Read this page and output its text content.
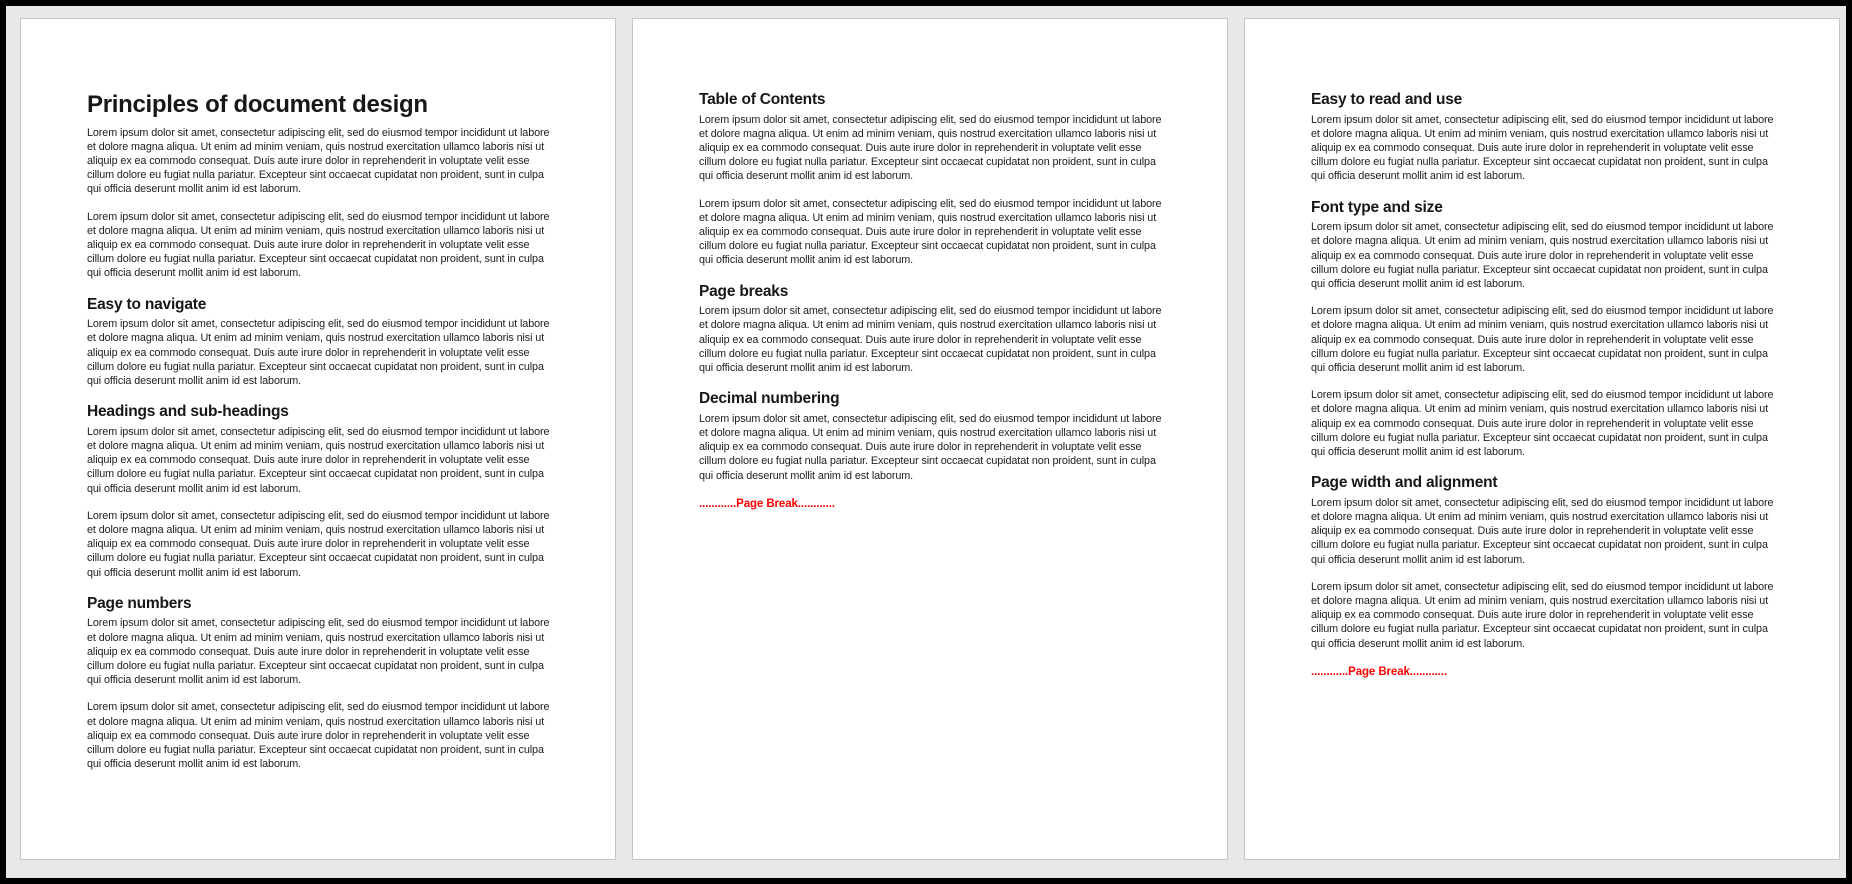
Principles of document design

Lorem ipsum dolor sit amet, consectetur adipiscing elit, sed do eiusmod tempor incididunt ut labore et dolore magna aliqua. Ut enim ad minim veniam, quis nostrud exercitation ullamco laboris nisi ut aliquip ex ea commodo consequat. Duis aute irure dolor in reprehenderit in voluptate velit esse cillum dolore eu fugiat nulla pariatur. Excepteur sint occaecat cupidatat non proident, sunt in culpa qui officia deserunt mollit anim id est laborum.

Lorem ipsum dolor sit amet, consectetur adipiscing elit, sed do eiusmod tempor incididunt ut labore et dolore magna aliqua. Ut enim ad minim veniam, quis nostrud exercitation ullamco laboris nisi ut aliquip ex ea commodo consequat. Duis aute irure dolor in reprehenderit in voluptate velit esse cillum dolore eu fugiat nulla pariatur. Excepteur sint occaecat cupidatat non proident, sunt in culpa qui officia deserunt mollit anim id est laborum.

Easy to navigate

Lorem ipsum dolor sit amet, consectetur adipiscing elit, sed do eiusmod tempor incididunt ut labore et dolore magna aliqua. Ut enim ad minim veniam, quis nostrud exercitation ullamco laboris nisi ut aliquip ex ea commodo consequat. Duis aute irure dolor in reprehenderit in voluptate velit esse cillum dolore eu fugiat nulla pariatur. Excepteur sint occaecat cupidatat non proident, sunt in culpa qui officia deserunt mollit anim id est laborum.

Headings and sub-headings

Lorem ipsum dolor sit amet, consectetur adipiscing elit, sed do eiusmod tempor incididunt ut labore et dolore magna aliqua. Ut enim ad minim veniam, quis nostrud exercitation ullamco laboris nisi ut aliquip ex ea commodo consequat. Duis aute irure dolor in reprehenderit in voluptate velit esse cillum dolore eu fugiat nulla pariatur. Excepteur sint occaecat cupidatat non proident, sunt in culpa qui officia deserunt mollit anim id est laborum.

Lorem ipsum dolor sit amet, consectetur adipiscing elit, sed do eiusmod tempor incididunt ut labore et dolore magna aliqua. Ut enim ad minim veniam, quis nostrud exercitation ullamco laboris nisi ut aliquip ex ea commodo consequat. Duis aute irure dolor in reprehenderit in voluptate velit esse cillum dolore eu fugiat nulla pariatur. Excepteur sint occaecat cupidatat non proident, sunt in culpa qui officia deserunt mollit anim id est laborum.

Page numbers

Lorem ipsum dolor sit amet, consectetur adipiscing elit, sed do eiusmod tempor incididunt ut labore et dolore magna aliqua. Ut enim ad minim veniam, quis nostrud exercitation ullamco laboris nisi ut aliquip ex ea commodo consequat. Duis aute irure dolor in reprehenderit in voluptate velit esse cillum dolore eu fugiat nulla pariatur. Excepteur sint occaecat cupidatat non proident, sunt in culpa qui officia deserunt mollit anim id est laborum.

Lorem ipsum dolor sit amet, consectetur adipiscing elit, sed do eiusmod tempor incididunt ut labore et dolore magna aliqua. Ut enim ad minim veniam, quis nostrud exercitation ullamco laboris nisi ut aliquip ex ea commodo consequat. Duis aute irure dolor in reprehenderit in voluptate velit esse cillum dolore eu fugiat nulla pariatur. Excepteur sint occaecat cupidatat non proident, sunt in culpa qui officia deserunt mollit anim id est laborum.

Table of Contents

Lorem ipsum dolor sit amet, consectetur adipiscing elit, sed do eiusmod tempor incididunt ut labore et dolore magna aliqua. Ut enim ad minim veniam, quis nostrud exercitation ullamco laboris nisi ut aliquip ex ea commodo consequat. Duis aute irure dolor in reprehenderit in voluptate velit esse cillum dolore eu fugiat nulla pariatur. Excepteur sint occaecat cupidatat non proident, sunt in culpa qui officia deserunt mollit anim id est laborum.

Lorem ipsum dolor sit amet, consectetur adipiscing elit, sed do eiusmod tempor incididunt ut labore et dolore magna aliqua. Ut enim ad minim veniam, quis nostrud exercitation ullamco laboris nisi ut aliquip ex ea commodo consequat. Duis aute irure dolor in reprehenderit in voluptate velit esse cillum dolore eu fugiat nulla pariatur. Excepteur sint occaecat cupidatat non proident, sunt in culpa qui officia deserunt mollit anim id est laborum.

Page breaks

Lorem ipsum dolor sit amet, consectetur adipiscing elit, sed do eiusmod tempor incididunt ut labore et dolore magna aliqua. Ut enim ad minim veniam, quis nostrud exercitation ullamco laboris nisi ut aliquip ex ea commodo consequat. Duis aute irure dolor in reprehenderit in voluptate velit esse cillum dolore eu fugiat nulla pariatur. Excepteur sint occaecat cupidatat non proident, sunt in culpa qui officia deserunt mollit anim id est laborum.

Decimal numbering

Lorem ipsum dolor sit amet, consectetur adipiscing elit, sed do eiusmod tempor incididunt ut labore et dolore magna aliqua. Ut enim ad minim veniam, quis nostrud exercitation ullamco laboris nisi ut aliquip ex ea commodo consequat. Duis aute irure dolor in reprehenderit in voluptate velit esse cillum dolore eu fugiat nulla pariatur. Excepteur sint occaecat cupidatat non proident, sunt in culpa qui officia deserunt mollit anim id est laborum.

............Page Break............

Easy to read and use

Lorem ipsum dolor sit amet, consectetur adipiscing elit, sed do eiusmod tempor incididunt ut labore et dolore magna aliqua. Ut enim ad minim veniam, quis nostrud exercitation ullamco laboris nisi ut aliquip ex ea commodo consequat. Duis aute irure dolor in reprehenderit in voluptate velit esse cillum dolore eu fugiat nulla pariatur. Excepteur sint occaecat cupidatat non proident, sunt in culpa qui officia deserunt mollit anim id est laborum.

Font type and size

Lorem ipsum dolor sit amet, consectetur adipiscing elit, sed do eiusmod tempor incididunt ut labore et dolore magna aliqua. Ut enim ad minim veniam, quis nostrud exercitation ullamco laboris nisi ut aliquip ex ea commodo consequat. Duis aute irure dolor in reprehenderit in voluptate velit esse cillum dolore eu fugiat nulla pariatur. Excepteur sint occaecat cupidatat non proident, sunt in culpa qui officia deserunt mollit anim id est laborum.

Lorem ipsum dolor sit amet, consectetur adipiscing elit, sed do eiusmod tempor incididunt ut labore et dolore magna aliqua. Ut enim ad minim veniam, quis nostrud exercitation ullamco laboris nisi ut aliquip ex ea commodo consequat. Duis aute irure dolor in reprehenderit in voluptate velit esse cillum dolore eu fugiat nulla pariatur. Excepteur sint occaecat cupidatat non proident, sunt in culpa qui officia deserunt mollit anim id est laborum.

Lorem ipsum dolor sit amet, consectetur adipiscing elit, sed do eiusmod tempor incididunt ut labore et dolore magna aliqua. Ut enim ad minim veniam, quis nostrud exercitation ullamco laboris nisi ut aliquip ex ea commodo consequat. Duis aute irure dolor in reprehenderit in voluptate velit esse cillum dolore eu fugiat nulla pariatur. Excepteur sint occaecat cupidatat non proident, sunt in culpa qui officia deserunt mollit anim id est laborum.

Page width and alignment

Lorem ipsum dolor sit amet, consectetur adipiscing elit, sed do eiusmod tempor incididunt ut labore et dolore magna aliqua. Ut enim ad minim veniam, quis nostrud exercitation ullamco laboris nisi ut aliquip ex ea commodo consequat. Duis aute irure dolor in reprehenderit in voluptate velit esse cillum dolore eu fugiat nulla pariatur. Excepteur sint occaecat cupidatat non proident, sunt in culpa qui officia deserunt mollit anim id est laborum.

Lorem ipsum dolor sit amet, consectetur adipiscing elit, sed do eiusmod tempor incididunt ut labore et dolore magna aliqua. Ut enim ad minim veniam, quis nostrud exercitation ullamco laboris nisi ut aliquip ex ea commodo consequat. Duis aute irure dolor in reprehenderit in voluptate velit esse cillum dolore eu fugiat nulla pariatur. Excepteur sint occaecat cupidatat non proident, sunt in culpa qui officia deserunt mollit anim id est laborum.

............Page Break............
